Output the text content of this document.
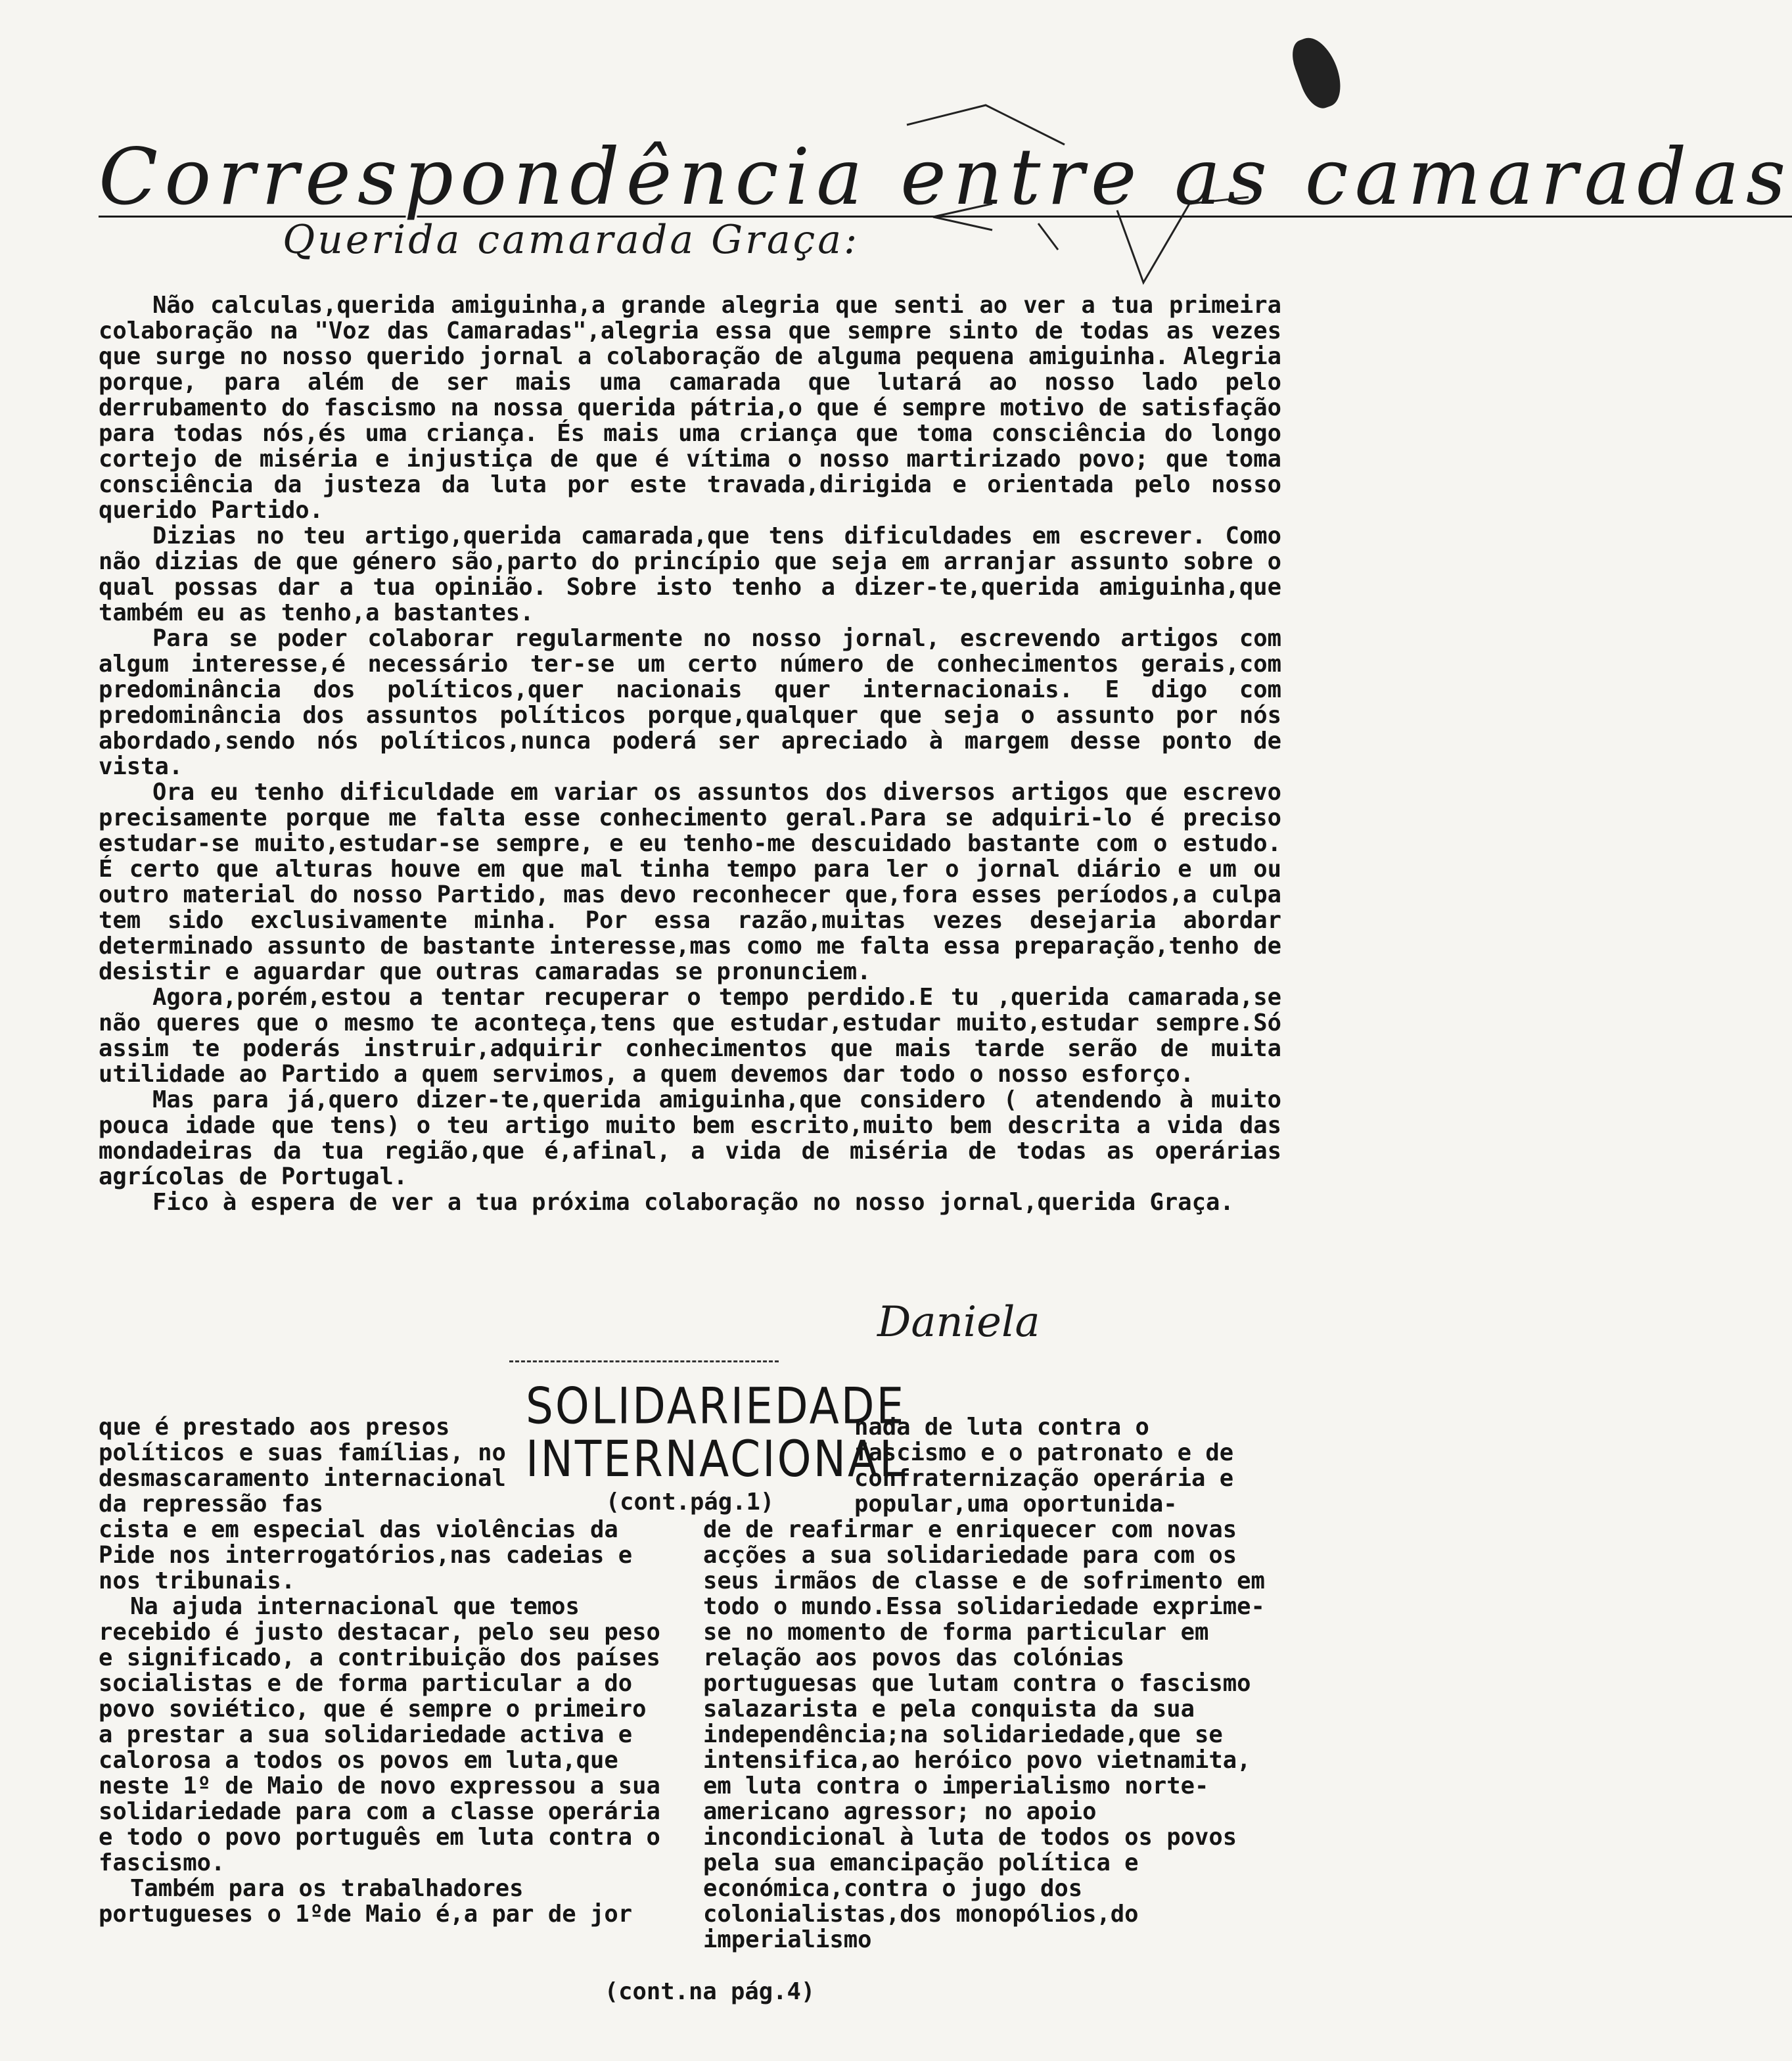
Correspondência entre as camaradas
Querida camarada Graça:

Não calculas,querida amiguinha,a grande alegria que senti ao ver a tua primeira colaboração na "Voz das Camaradas",alegria essa que sempre sinto de todas as vezes que surge no nosso querido jornal a colaboração de alguma pequena amiguinha. Alegria porque, para além de ser mais uma camarada que lutará ao nosso lado pelo derrubamento do fascismo na nossa querida pátria,o que é sempre motivo de satisfação para todas nós,és uma criança. És mais uma criança que toma consciência do longo cortejo de miséria e injustiça de que é vítima o nosso martirizado povo; que toma consciência da justeza da luta por este travada,dirigida e orientada pelo nosso querido Partido.

Dizias no teu artigo,querida camarada,que tens dificuldades em escrever. Como não dizias de que género são,parto do princípio que seja em arranjar assunto sobre o qual possas dar a tua opinião. Sobre isto tenho a dizer-te,querida amiguinha,que também eu as tenho,a bastantes.

Para se poder colaborar regularmente no nosso jornal, escrevendo artigos com algum interesse,é necessário ter-se um certo número de conhecimentos gerais,com predominância dos políticos,quer nacionais quer internacionais. E digo com predominância dos assuntos políticos porque,qualquer que seja o assunto por nós abordado,sendo nós políticos,nunca poderá ser apreciado à margem desse ponto de vista.

Ora eu tenho dificuldade em variar os assuntos dos diversos artigos que escrevo precisamente porque me falta esse conhecimento geral.Para se adquiri-lo é preciso estudar-se muito,estudar-se sempre, e eu tenho-me descuidado bastante com o estudo. É certo que alturas houve em que mal tinha tempo para ler o jornal diário e um ou outro material do nosso Partido, mas devo reconhecer que,fora esses períodos,a culpa tem sido exclusivamente minha. Por essa razão,muitas vezes desejaria abordar determinado assunto de bastante interesse,mas como me falta essa preparação,tenho de desistir e aguardar que outras camaradas se pronunciem.

Agora,porém,estou a tentar recuperar o tempo perdido.E tu ,querida camarada,se não queres que o mesmo te aconteça,tens que estudar,estudar muito,estudar sempre.Só assim te poderás instruir,adquirir conhecimentos que mais tarde serão de muita utilidade ao Partido a quem servimos, a quem devemos dar todo o nosso esforço.

Mas para já,quero dizer-te,querida amiguinha,que considero ( atendendo à muito pouca idade que tens) o teu artigo muito bem escrito,muito bem descrita a vida das mondadeiras da tua região,que é,afinal, a vida de miséria de todas as operárias agrícolas de Portugal.

Fico à espera de ver a tua próxima colaboração no nosso jornal,querida Graça.

Daniela
SOLIDARIEDADE
INTERNACIONAL
(cont.pág.1)

que é prestado aos presos políticos e suas famílias, no desmascaramento internacional da repressão fas

cista e em especial das violências da Pide nos interrogatórios,nas cadeias e nos tribunais.

Na ajuda internacional que temos recebido é justo destacar, pelo seu peso e significado, a contribuição dos países socialistas e de forma particular a do povo soviético, que é sempre o primeiro a prestar a sua solidariedade activa e calorosa a todos os povos em luta,que neste 1º de Maio de novo expressou a sua solidariedade para com a classe operária e todo o povo português em luta contra o fascismo.

Também para os trabalhadores portugueses o 1ºde Maio é,a par de jor

nada de luta contra o fascismo e o patronato e de confraternização operária e popular,uma oportunida-

de de reafirmar e enriquecer com novas acções a sua solidariedade para com os seus irmãos de classe e de sofrimento em todo o mundo.Essa solidariedade exprime-se no momento de forma particular em relação aos povos das colónias portuguesas que lutam contra o fascismo salazarista e pela conquista da sua independência;na solidariedade,que se intensifica,ao heróico povo vietnamita, em luta contra o imperialismo norte-americano agressor; no apoio incondicional à luta de todos os povos pela sua emancipação política e económica,contra o jugo dos colonialistas,dos monopólios,do imperialismo

(cont.na pág.4)
